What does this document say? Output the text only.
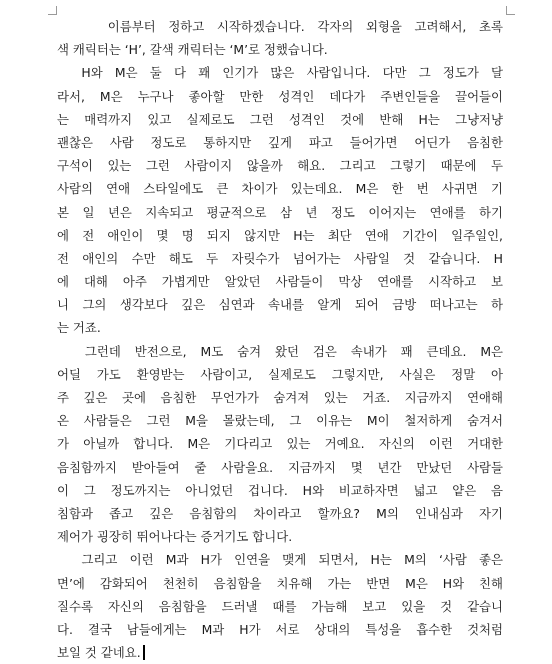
이름부터 정하고 시작하겠습니다. 각자의 외형을 고려해서, 초록
색 캐릭터는 ‘H’, 갈색 캐릭터는 ‘M’로 정했습니다.
H와 M은 둘 다 꽤 인기가 많은 사람입니다. 다만 그 정도가 달
라서, M은 누구나 좋아할 만한 성격인 데다가 주변인들을 끌어들이
는 매력까지 있고 실제로도 그런 성격인 것에 반해 H는 그냥저냥
괜찮은 사람 정도로 통하지만 깊게 파고 들어가면 어딘가 음침한
구석이 있는 그런 사람이지 않을까 해요. 그리고 그렇기 때문에 두
사람의 연애 스타일에도 큰 차이가 있는데요. M은 한 번 사귀면 기
본 일 년은 지속되고 평균적으로 삼 년 정도 이어지는 연애를 하기
에 전 애인이 몇 명 되지 않지만 H는 최단 연애 기간이 일주일인,
전 애인의 수만 해도 두 자릿수가 넘어가는 사람일 것 같습니다. H
에 대해 아주 가볍게만 알았던 사람들이 막상 연애를 시작하고 보
니 그의 생각보다 깊은 심연과 속내를 알게 되어 금방 떠나고는 하
는 거죠.
그런데 반전으로, M도 숨겨 왔던 검은 속내가 꽤 큰데요. M은
어딜 가도 환영받는 사람이고, 실제로도 그렇지만, 사실은 정말 아
주 깊은 곳에 음침한 무언가가 숨겨져 있는 거죠. 지금까지 연애해
온 사람들은 그런 M을 몰랐는데, 그 이유는 M이 철저하게 숨겨서
가 아닐까 합니다. M은 기다리고 있는 거예요. 자신의 이런 거대한
음침함까지 받아들여 줄 사람을요. 지금까지 몇 년간 만났던 사람들
이 그 정도까지는 아니었던 겁니다. H와 비교하자면 넓고 얕은 음
침함과 좁고 깊은 음침함의 차이라고 할까요? M의 인내심과 자기
제어가 굉장히 뛰어나다는 증거기도 합니다.
그리고 이런 M과 H가 인연을 맺게 되면서, H는 M의 ‘사람 좋은
면’에 감화되어 천천히 음침함을 치유해 가는 반면 M은 H와 친해
질수록 자신의 음침함을 드러낼 때를 가늠해 보고 있을 것 같습니
다. 결국 남들에게는 M과 H가 서로 상대의 특성을 흡수한 것처럼
보일 것 같네요.
